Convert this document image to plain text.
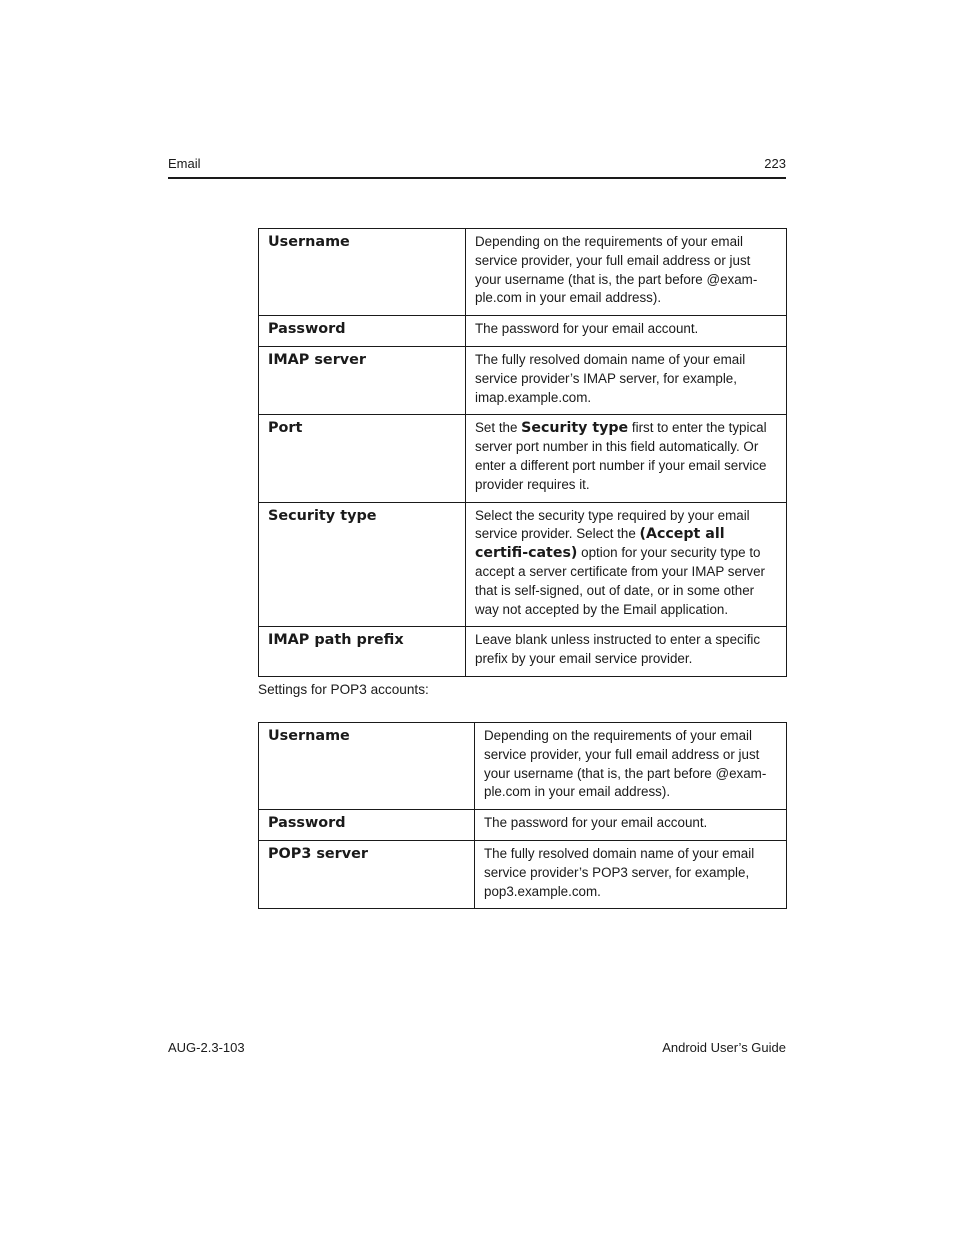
Email	223
Username	Depending on the requirements of your email service provider, your full email address or just your username (that is, the part before @exam-ple.com in your email address).
Password	The password for your email account.
IMAP server	The fully resolved domain name of your email service provider’s IMAP server, for example, imap.example.com.
Port	Set the Security type first to enter the typical server port number in this field automatically. Or enter a different port number if your email service provider requires it.
Security type	Select the security type required by your email service provider. Select the (Accept all certifi-cates) option for your security type to accept a server certificate from your IMAP server that is self-signed, out of date, or in some other way not accepted by the Email application.
IMAP path prefix	Leave blank unless instructed to enter a specific prefix by your email service provider.
Settings for POP3 accounts:
Username	Depending on the requirements of your email service provider, your full email address or just your username (that is, the part before @exam-ple.com in your email address).
Password	The password for your email account.
POP3 server	The fully resolved domain name of your email service provider’s POP3 server, for example, pop3.example.com.
AUG-2.3-103	Android User’s Guide
